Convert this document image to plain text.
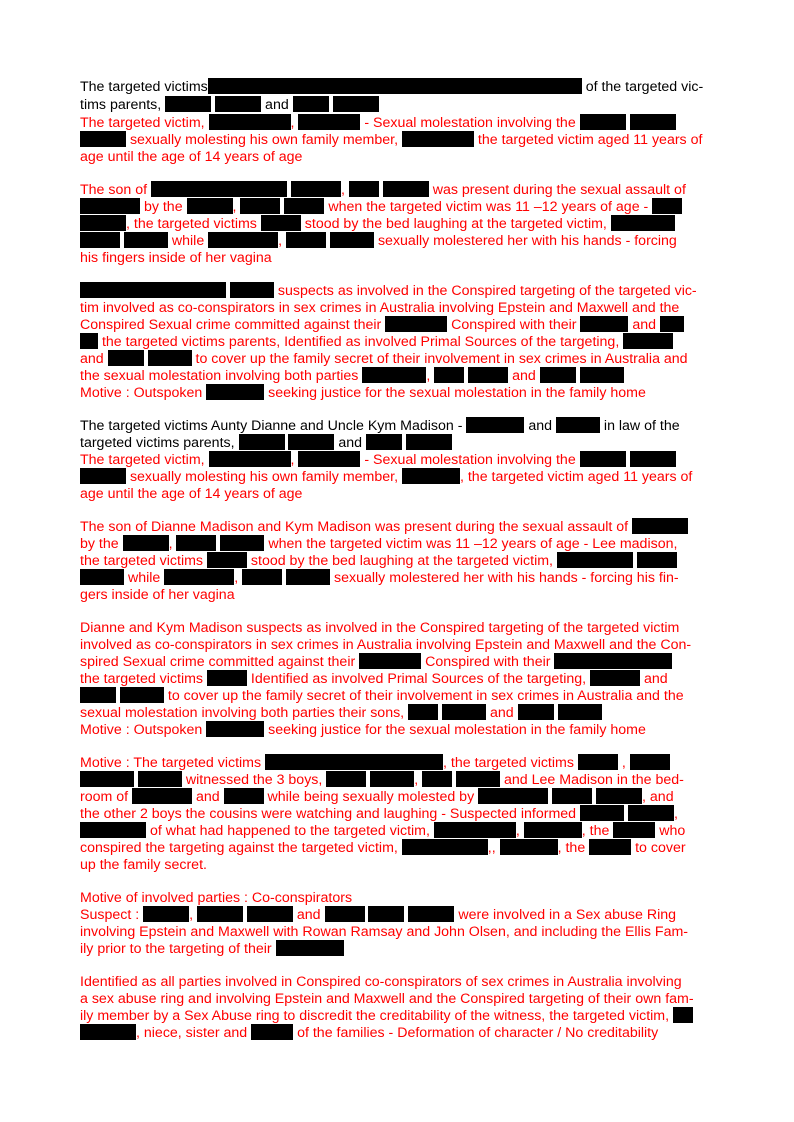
The targeted victims	of the targeted vic-
tims parents,	and
The targeted victim,	,	- Sexual molestation involving the
sexually molesting his own family member,	the targeted victim aged 11 years of
age until the age of 14 years of age
The son of	,	was present during the sexual assault of
by the	,	when the targeted victim was 11 –12 years of age -
, the targeted victims	stood by the bed laughing at the targeted victim,
while	,	sexually molestered her with his hands - forcing
his fingers inside of her vagina
suspects as involved in the Conspired targeting of the targeted vic-
tim involved as co-conspirators in sex crimes in Australia involving Epstein and Maxwell and the
Conspired Sexual crime committed against their	Conspired with their	and
the targeted victims parents, Identified as involved Primal Sources of the targeting,
and	to cover up the family secret of their involvement in sex crimes in Australia and
the sexual molestation involving both parties	,	and
Motive : Outspoken	seeking justice for the sexual molestation in the family home
The targeted victims Aunty Dianne and Uncle Kym Madison -	and	in law of the
targeted victims parents,	and
The targeted victim,	,	- Sexual molestation involving the
sexually molesting his own family member,	, the targeted victim aged 11 years of
age until the age of 14 years of age
The son of Dianne Madison and Kym Madison was present during the sexual assault of
by the	,	when the targeted victim was 11 –12 years of age - Lee madison,
the targeted victims	stood by the bed laughing at the targeted victim,
while	,	sexually molestered her with his hands - forcing his fin-
gers inside of her vagina
Dianne and Kym Madison suspects as involved in the Conspired targeting of the targeted victim
involved as co-conspirators in sex crimes in Australia involving Epstein and Maxwell and the Con-
spired Sexual crime committed against their	Conspired with their
the targeted victims	Identified as involved Primal Sources of the targeting,	and
to cover up the family secret of their involvement in sex crimes in Australia and the
sexual molestation involving both parties their sons,	and
Motive : Outspoken	seeking justice for the sexual molestation in the family home
Motive : The targeted victims	, the targeted victims	,
witnessed the 3 boys,	,	and Lee Madison in the bed-
room of	and	while being sexually molested by	, and
the other 2 boys the cousins were watching and laughing - Suspected informed	,
of what had happened to the targeted victim,	,	, the	who
conspired the targeting against the targeted victim,	,,	, the	to cover
up the family secret.
Motive of involved parties : Co-conspirators
Suspect :	,	and	were involved in a Sex abuse Ring
involving Epstein and Maxwell with Rowan Ramsay and John Olsen, and including the Ellis Fam-
ily prior to the targeting of their
Identified as all parties involved in Conspired co-conspirators of sex crimes in Australia involving
a sex abuse ring and involving Epstein and Maxwell and the Conspired targeting of their own fam-
ily member by a Sex Abuse ring to discredit the creditability of the witness, the targeted victim,
, niece, sister and	of the families - Deformation of character / No creditability
